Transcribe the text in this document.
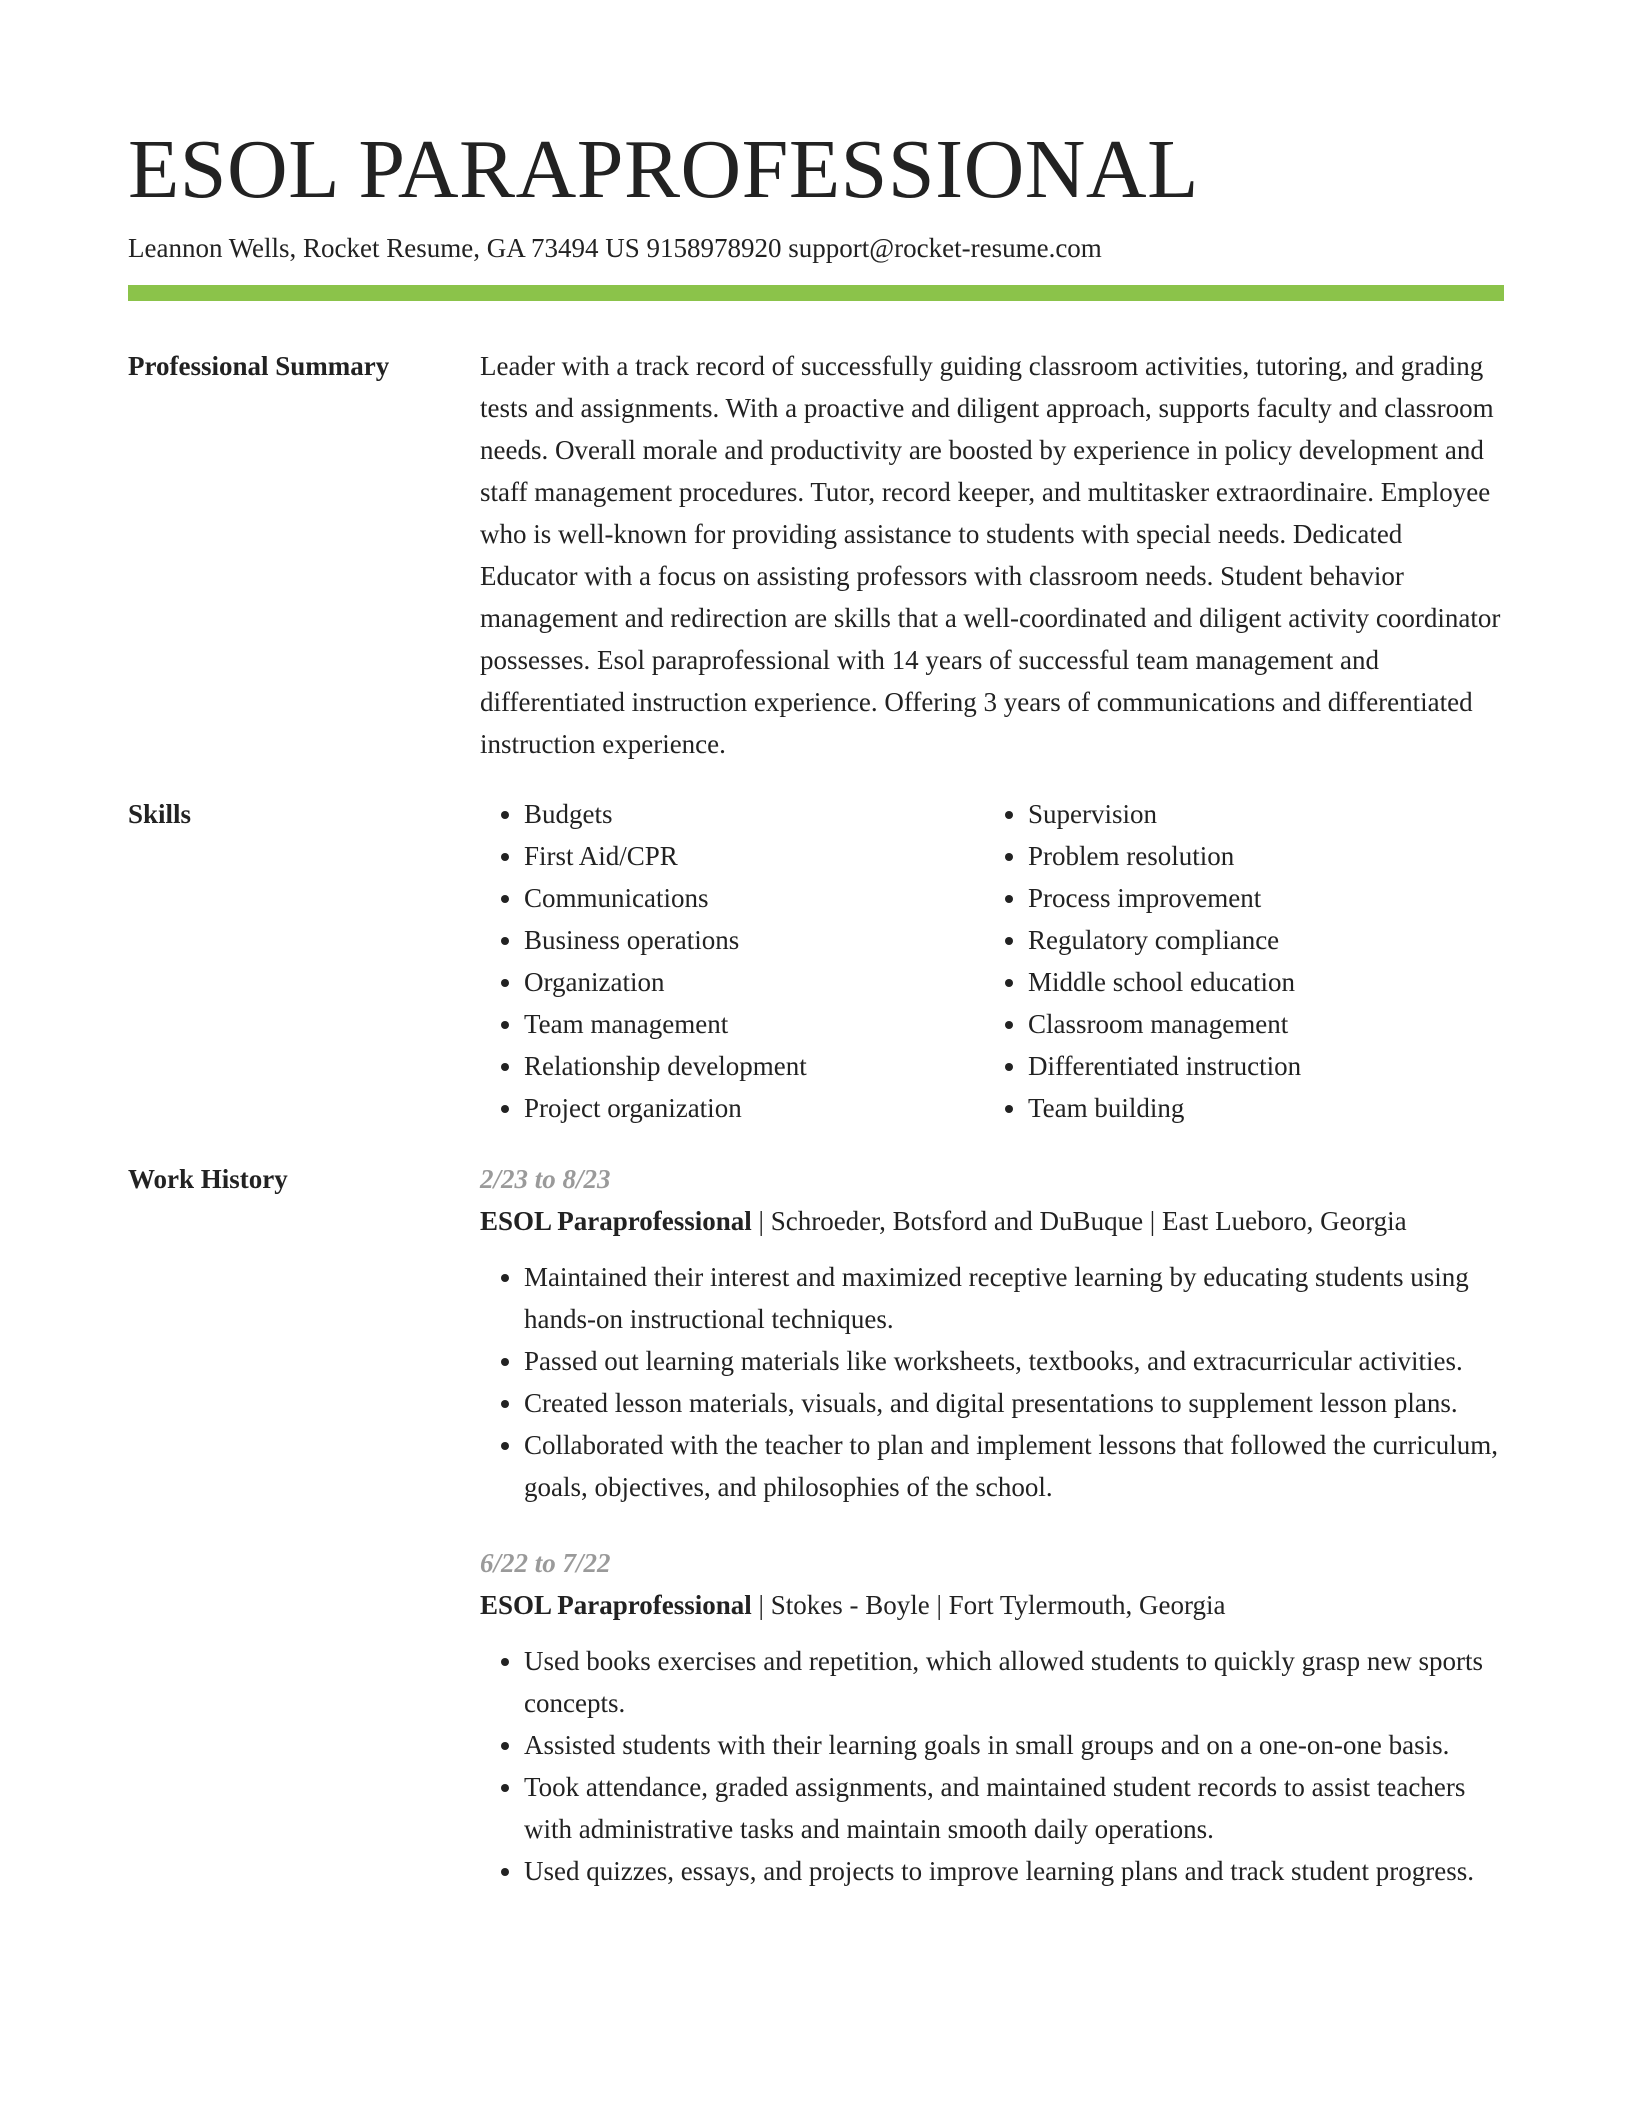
ESOL PARAPROFESSIONAL
Leannon Wells, Rocket Resume, GA 73494 US 9158978920 support@rocket-resume.com
Professional Summary	Leader with a track record of successfully guiding classroom activities, tutoring, and grading tests and assignments. With a proactive and diligent approach, supports faculty and classroom needs. Overall morale and productivity are boosted by experience in policy development and staff management procedures. Tutor, record keeper, and multitasker extraordinaire. Employee who is well-known for providing assistance to students with special needs. Dedicated Educator with a focus on assisting professors with classroom needs. Student behavior management and redirection are skills that a well-coordinated and diligent activity coordinator possesses. Esol paraprofessional with 14 years of successful team management and differentiated instruction experience. Offering 3 years of communications and differentiated instruction experience.

Skills
•	Budgets
• First Aid/CPR
• Communications
• Business operations
• Organization
• Team management
• Relationship development
• Project organization
• Supervision
• Problem resolution
• Process improvement
• Regulatory compliance
• Middle school education
• Classroom management
• Differentiated instruction
• Team building
Work History	2/23 to 8/23
ESOL Paraprofessional | Schroeder, Botsford and DuBuque | East Lueboro, Georgia
• Maintained their interest and maximized receptive learning by educating students using hands-on instructional techniques.
• Passed out learning materials like worksheets, textbooks, and extracurricular activities.
• Created lesson materials, visuals, and digital presentations to supplement lesson plans.
• Collaborated with the teacher to plan and implement lessons that followed the curriculum, goals, objectives, and philosophies of the school.
6/22 to 7/22
ESOL Paraprofessional | Stokes - Boyle | Fort Tylermouth, Georgia
• Used books exercises and repetition, which allowed students to quickly grasp new sports concepts.
• Assisted students with their learning goals in small groups and on a one-on-one basis.
• Took attendance, graded assignments, and maintained student records to assist teachers with administrative tasks and maintain smooth daily operations.
• Used quizzes, essays, and projects to improve learning plans and track student progress.
